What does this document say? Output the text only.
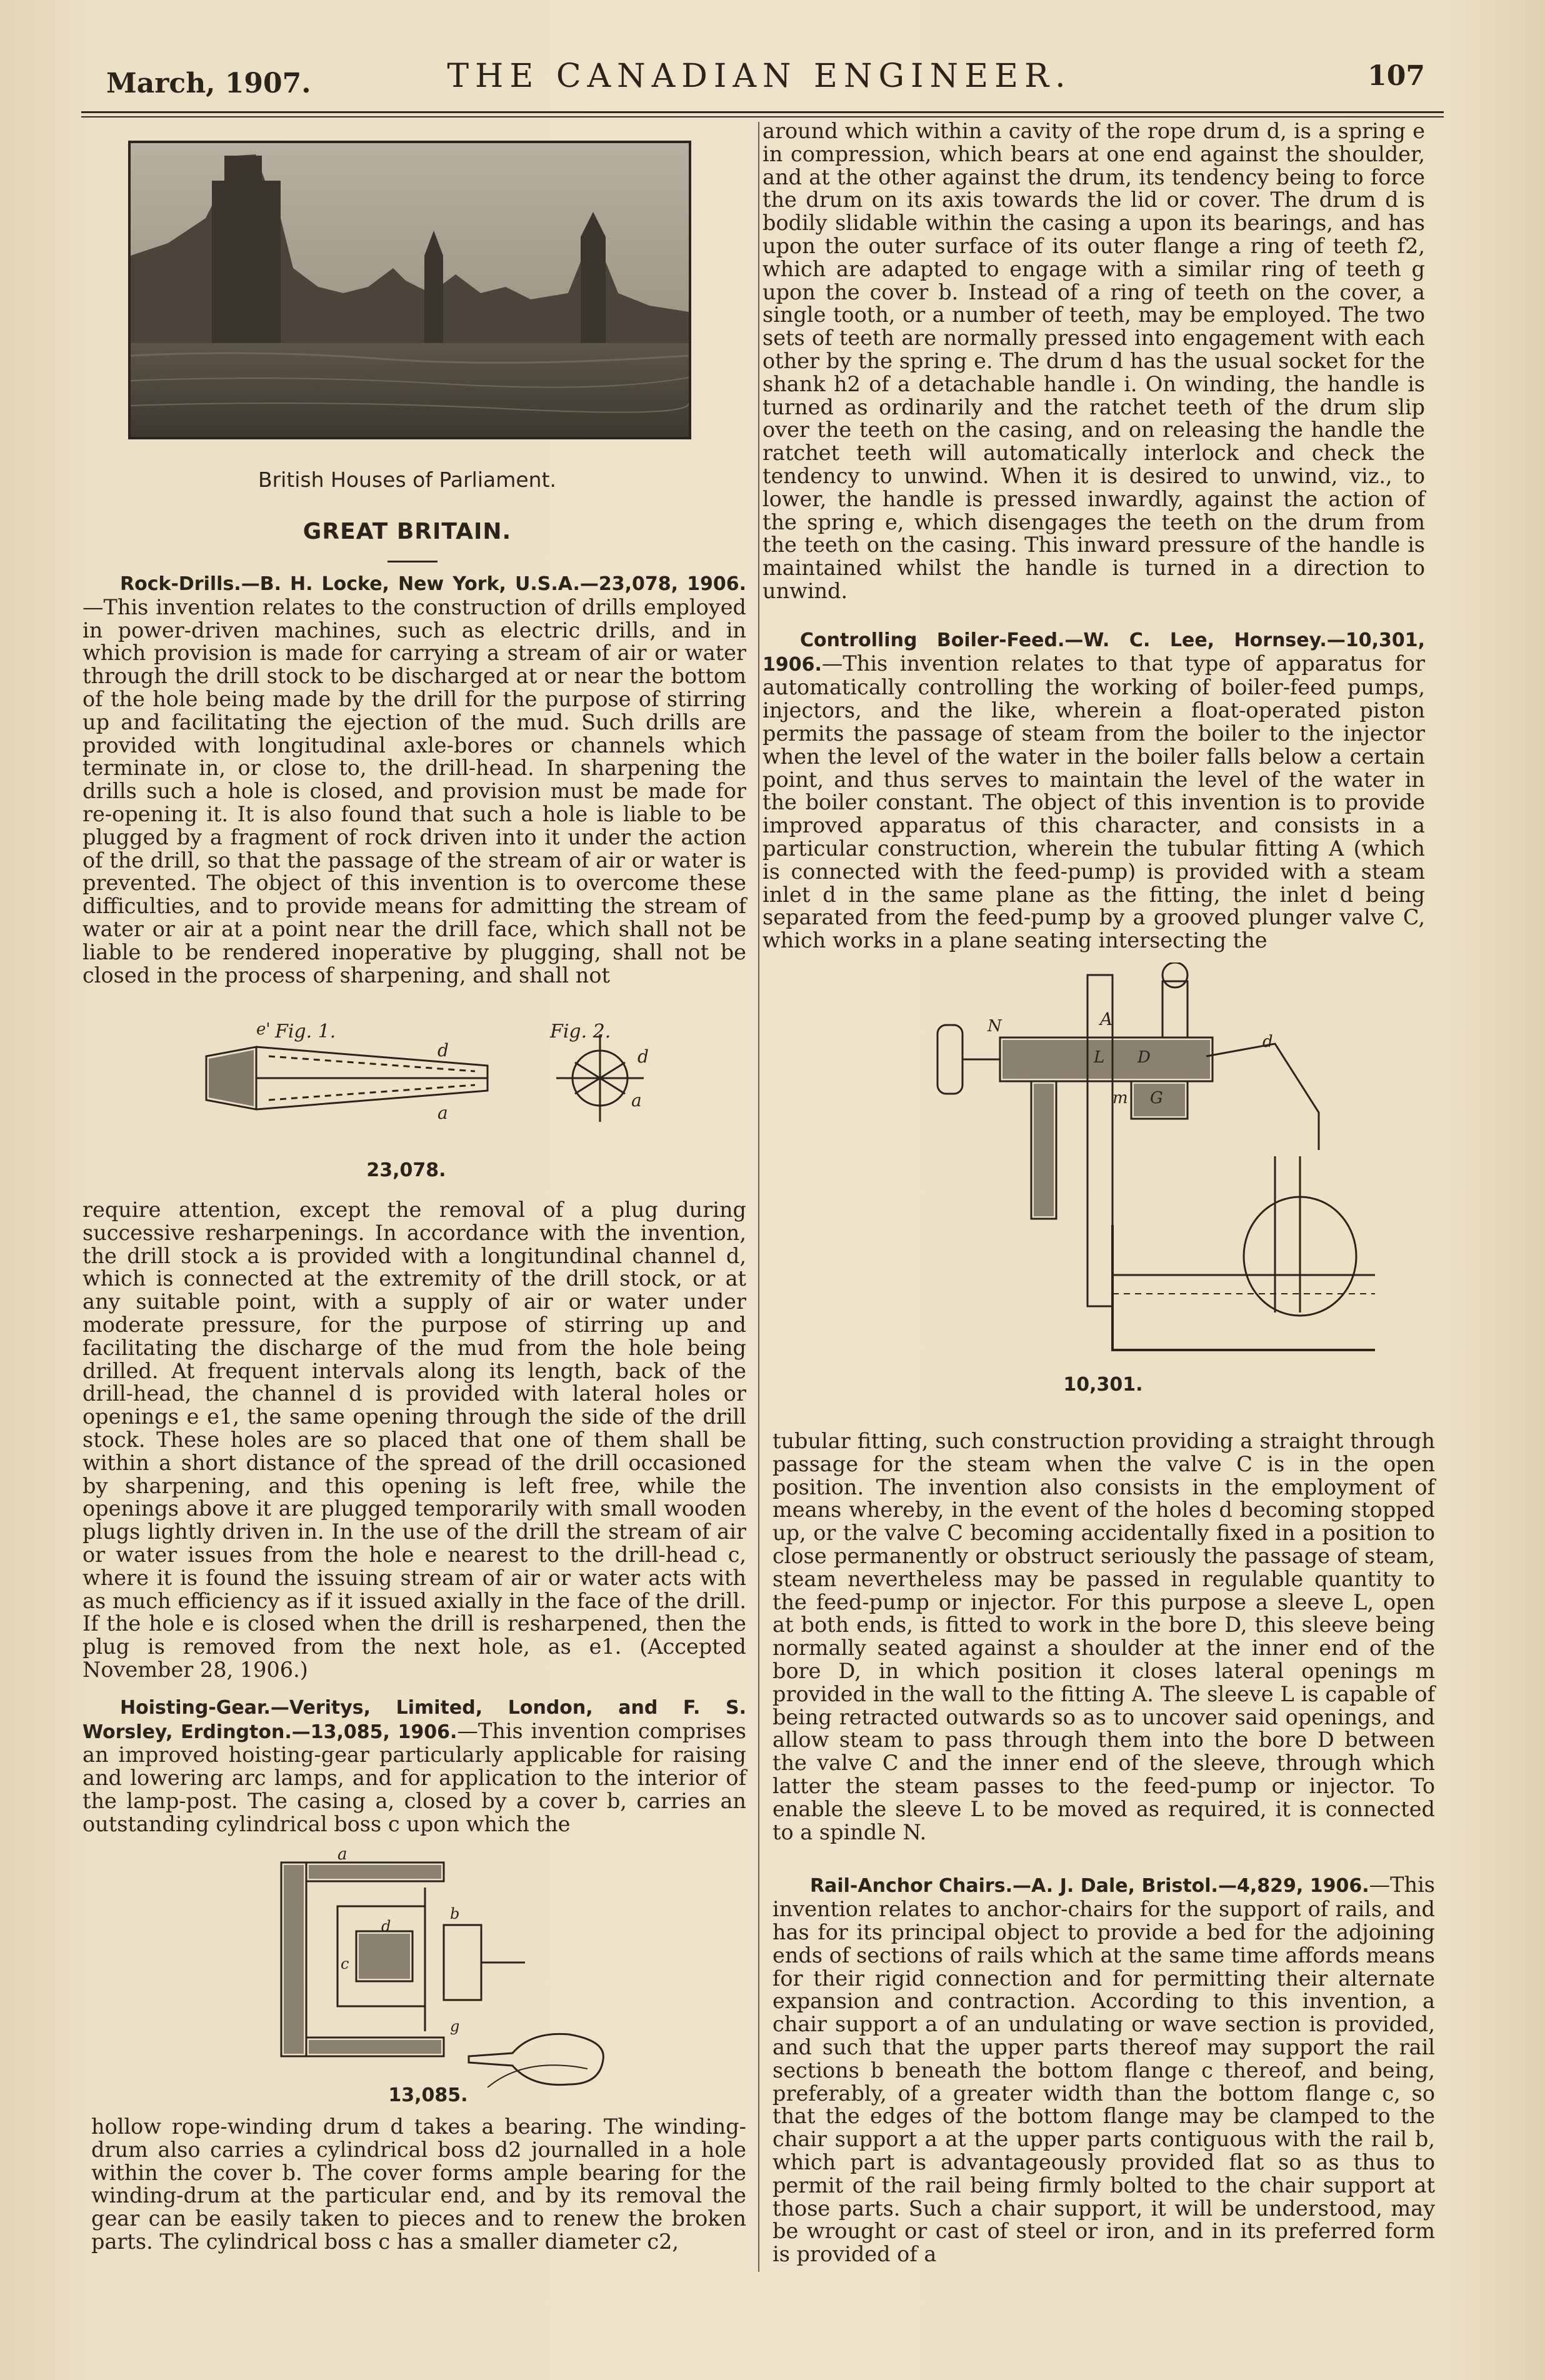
March, 1907.	THE CANADIAN ENGINEER.	107
British Houses of Parliament.
GREAT BRITAIN.

Rock-Drills.—B. H. Locke, New York, U.S.A.—23,078, 1906.—This invention relates to the construction of drills employed in power-driven machines, such as electric drills, and in which provision is made for carrying a stream of air or water through the drill stock to be discharged at or near the bottom of the hole being made by the drill for the purpose of stirring up and facilitating the ejection of the mud. Such drills are provided with longitudinal axle-bores or channels which terminate in, or close to, the drill-head. In sharpening the drills such a hole is closed, and provision must be made for re-opening it. It is also found that such a hole is liable to be plugged by a fragment of rock driven into it under the action of the drill, so that the passage of the stream of air or water is prevented. The object of this invention is to overcome these difficulties, and to provide means for admitting the stream of water or air at a point near the drill face, which shall not be liable to be rendered inoperative by plugging, shall not be closed in the process of sharpening, and shall not

Fig. 1.	Fig. 2.
d
a
e'
d
a
23,078.

require attention, except the removal of a plug during successive resharpenings. In accordance with the invention, the drill stock a is provided with a longitundinal channel d, which is connected at the extremity of the drill stock, or at any suitable point, with a supply of air or water under moderate pressure, for the purpose of stirring up and facilitating the discharge of the mud from the hole being drilled. At frequent intervals along its length, back of the drill-head, the channel d is provided with lateral holes or openings e e1, the same opening through the side of the drill stock. These holes are so placed that one of them shall be within a short distance of the spread of the drill occasioned by sharpening, and this opening is left free, while the openings above it are plugged temporarily with small wooden plugs lightly driven in. In the use of the drill the stream of air or water issues from the hole e nearest to the drill-head c, where it is found the issuing stream of air or water acts with as much efficiency as if it issued axially in the face of the drill. If the hole e is closed when the drill is resharpened, then the plug is removed from the next hole, as e1. (Accepted November 28, 1906.)

Hoisting-Gear.—Veritys, Limited, London, and F. S. Worsley, Erdington.—13,085, 1906.—This invention comprises an improved hoisting-gear particularly applicable for raising and lowering arc lamps, and for application to the interior of the lamp-post. The casing a, closed by a cover b, carries an outstanding cylindrical boss c upon which the

a
d
c
b
g
13,085.

hollow rope-winding drum d takes a bearing. The winding-drum also carries a cylindrical boss d2 journalled in a hole within the cover b. The cover forms ample bearing for the winding-drum at the particular end, and by its removal the gear can be easily taken to pieces and to renew the broken parts. The cylindrical boss c has a smaller diameter c2,

around which within a cavity of the rope drum d, is a spring e in compression, which bears at one end against the shoulder, and at the other against the drum, its tendency being to force the drum on its axis towards the lid or cover. The drum d is bodily slidable within the casing a upon its bearings, and has upon the outer surface of its outer flange a ring of teeth f2, which are adapted to engage with a similar ring of teeth g upon the cover b. Instead of a ring of teeth on the cover, a single tooth, or a number of teeth, may be employed. The two sets of teeth are normally pressed into engagement with each other by the spring e. The drum d has the usual socket for the shank h2 of a detachable handle i. On winding, the handle is turned as ordinarily and the ratchet teeth of the drum slip over the teeth on the casing, and on releasing the handle the ratchet teeth will automatically interlock and check the tendency to unwind. When it is desired to unwind, viz., to lower, the handle is pressed inwardly, against the action of the spring e, which disengages the teeth on the drum from the teeth on the casing. This inward pressure of the handle is maintained whilst the handle is turned in a direction to unwind.

Controlling Boiler-Feed.—W. C. Lee, Hornsey.—10,301, 1906.—This invention relates to that type of apparatus for automatically controlling the working of boiler-feed pumps, injectors, and the like, wherein a float-operated piston permits the passage of steam from the boiler to the injector when the level of the water in the boiler falls below a certain point, and thus serves to maintain the level of the water in the boiler constant. The object of this invention is to provide improved apparatus of this character, and consists in a particular construction, wherein the tubular fitting A (which is connected with the feed-pump) is provided with a steam inlet d in the same plane as the fitting, the inlet d being separated from the feed-pump by a grooved plunger valve C, which works in a plane seating intersecting the

A
N
L D
G
m
d
10,301.

tubular fitting, such construction providing a straight through passage for the steam when the valve C is in the open position. The invention also consists in the employment of means whereby, in the event of the holes d becoming stopped up, or the valve C becoming accidentally fixed in a position to close permanently or obstruct seriously the passage of steam, steam nevertheless may be passed in regulable quantity to the feed-pump or injector. For this purpose a sleeve L, open at both ends, is fitted to work in the bore D, this sleeve being normally seated against a shoulder at the inner end of the bore D, in which position it closes lateral openings m provided in the wall to the fitting A. The sleeve L is capable of being retracted outwards so as to uncover said openings, and allow steam to pass through them into the bore D between the valve C and the inner end of the sleeve, through which latter the steam passes to the feed-pump or injector. To enable the sleeve L to be moved as required, it is connected to a spindle N.

Rail-Anchor Chairs.—A. J. Dale, Bristol.—4,829, 1906.—This invention relates to anchor-chairs for the support of rails, and has for its principal object to provide a bed for the adjoining ends of sections of rails which at the same time affords means for their rigid connection and for permitting their alternate expansion and contraction. According to this invention, a chair support a of an undulating or wave section is provided, and such that the upper parts thereof may support the rail sections b beneath the bottom flange c thereof, and being, preferably, of a greater width than the bottom flange c, so that the edges of the bottom flange may be clamped to the chair support a at the upper parts contiguous with the rail b, which part is advantageously provided flat so as thus to permit of the rail being firmly bolted to the chair support at those parts. Such a chair support, it will be understood, may be wrought or cast of steel or iron, and in its preferred form is provided of a
